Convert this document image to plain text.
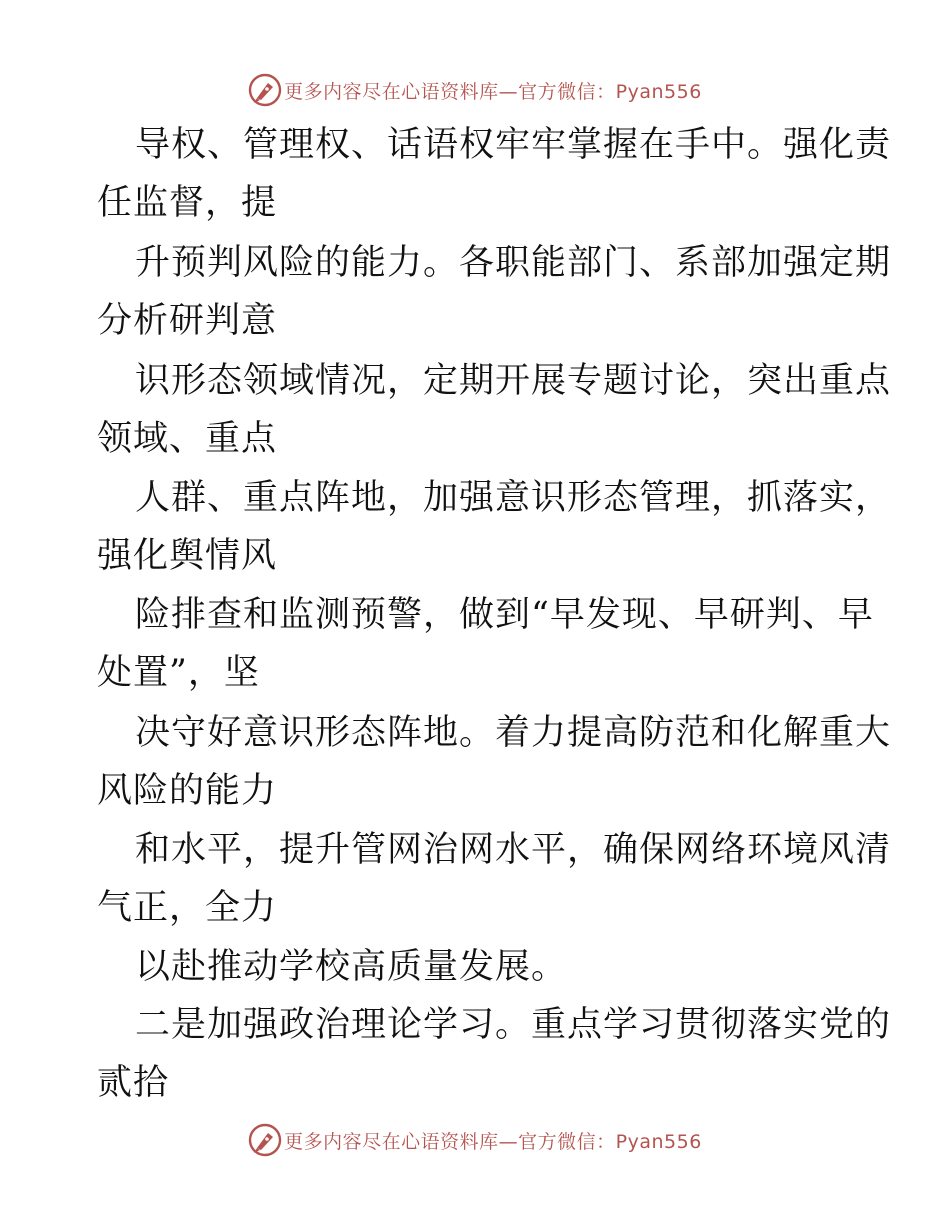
更多内容尽在心语资料库—官方微信：Pyan556
导权、管理权、话语权牢牢掌握在手中。强化责
任监督，提
升预判风险的能力。各职能部门、系部加强定期
分析研判意
识形态领域情况，定期开展专题讨论，突出重点
领域、重点
人群、重点阵地，加强意识形态管理，抓落实，
强化舆情风
险排查和监测预警，做到“早发现、早研判、早
处置”，坚
决守好意识形态阵地。着力提高防范和化解重大
风险的能力
和水平，提升管网治网水平，确保网络环境风清
气正，全力
以赴推动学校高质量发展。
二是加强政治理论学习。重点学习贯彻落实党的
贰拾
更多内容尽在心语资料库—官方微信：Pyan556
